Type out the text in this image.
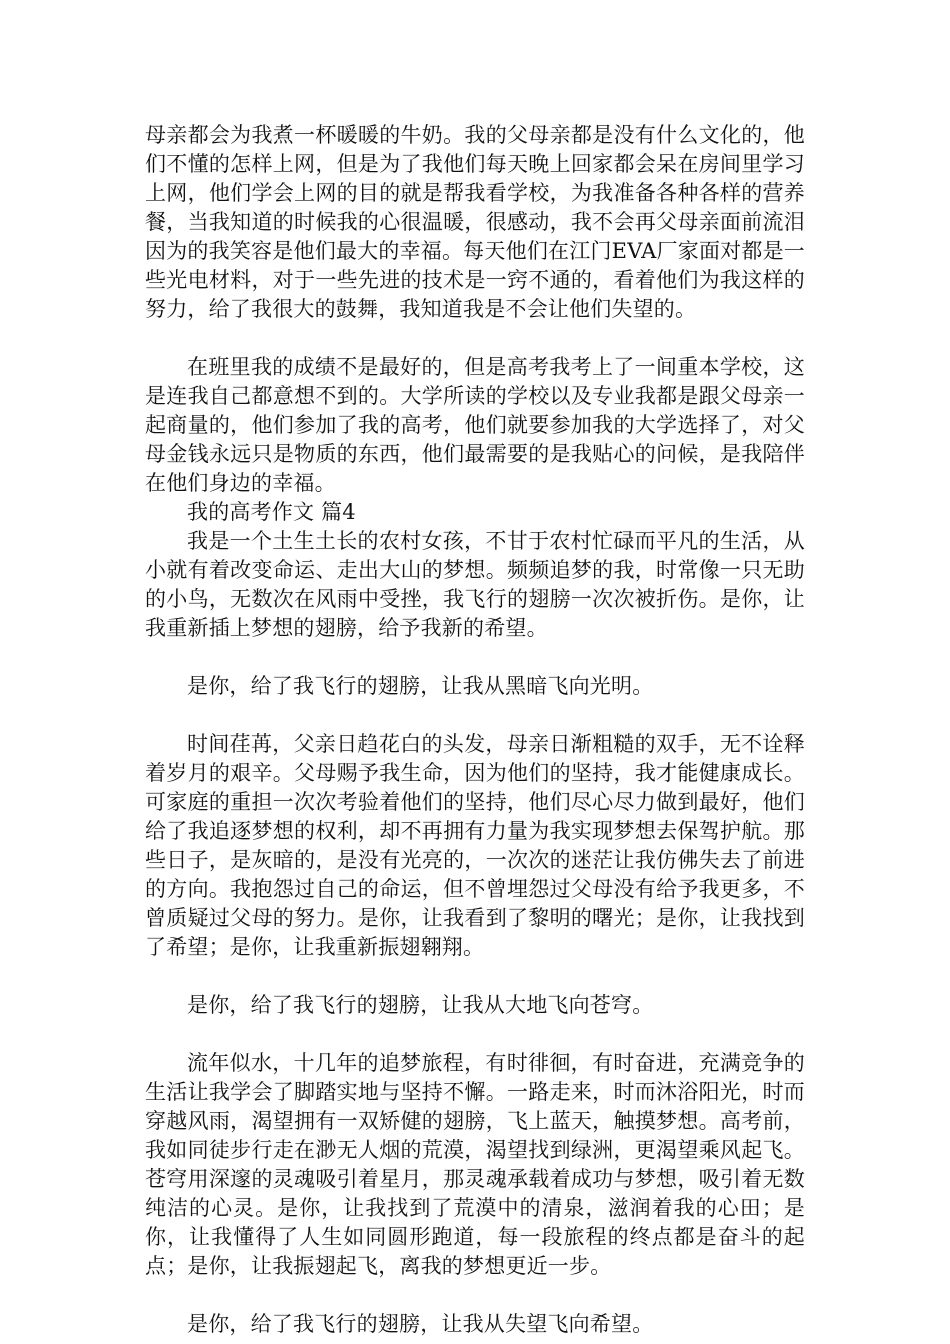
母亲都会为我煮一杯暖暖的牛奶。我的父母亲都是没有什么文化的，他们不懂的怎样上网，但是为了我他们每天晚上回家都会呆在房间里学习上网，他们学会上网的目的就是帮我看学校，为我准备各种各样的营养餐，当我知道的时候我的心很温暖，很感动，我不会再父母亲面前流泪因为的我笑容是他们最大的幸福。每天他们在江门EVA厂家面对都是一些光电材料，对于一些先进的技术是一窍不通的，看着他们为我这样的努力，给了我很大的鼓舞，我知道我是不会让他们失望的。

在班里我的成绩不是最好的，但是高考我考上了一间重本学校，这是连我自己都意想不到的。大学所读的学校以及专业我都是跟父母亲一起商量的，他们参加了我的高考，他们就要参加我的大学选择了，对父母金钱永远只是物质的东西，他们最需要的是我贴心的问候，是我陪伴在他们身边的幸福。

我的高考作文 篇4

我是一个土生土长的农村女孩，不甘于农村忙碌而平凡的生活，从小就有着改变命运、走出大山的梦想。频频追梦的我，时常像一只无助的小鸟，无数次在风雨中受挫，我飞行的翅膀一次次被折伤。是你，让我重新插上梦想的翅膀，给予我新的希望。

是你，给了我飞行的翅膀，让我从黑暗飞向光明。

时间荏苒，父亲日趋花白的头发，母亲日渐粗糙的双手，无不诠释着岁月的艰辛。父母赐予我生命，因为他们的坚持，我才能健康成长。可家庭的重担一次次考验着他们的坚持，他们尽心尽力做到最好，他们给了我追逐梦想的权利，却不再拥有力量为我实现梦想去保驾护航。那些日子，是灰暗的，是没有光亮的，一次次的迷茫让我仿佛失去了前进的方向。我抱怨过自己的命运，但不曾埋怨过父母没有给予我更多，不曾质疑过父母的努力。是你，让我看到了黎明的曙光；是你，让我找到了希望；是你，让我重新振翅翱翔。

是你，给了我飞行的翅膀，让我从大地飞向苍穹。

流年似水，十几年的追梦旅程，有时徘徊，有时奋进，充满竞争的生活让我学会了脚踏实地与坚持不懈。一路走来，时而沐浴阳光，时而穿越风雨，渴望拥有一双矫健的翅膀，飞上蓝天，触摸梦想。高考前，我如同徒步行走在渺无人烟的荒漠，渴望找到绿洲，更渴望乘风起飞。苍穹用深邃的灵魂吸引着星月，那灵魂承载着成功与梦想，吸引着无数纯洁的心灵。是你，让我找到了荒漠中的清泉，滋润着我的心田；是你，让我懂得了人生如同圆形跑道，每一段旅程的终点都是奋斗的起点；是你，让我振翅起飞，离我的梦想更近一步。

是你，给了我飞行的翅膀，让我从失望飞向希望。
